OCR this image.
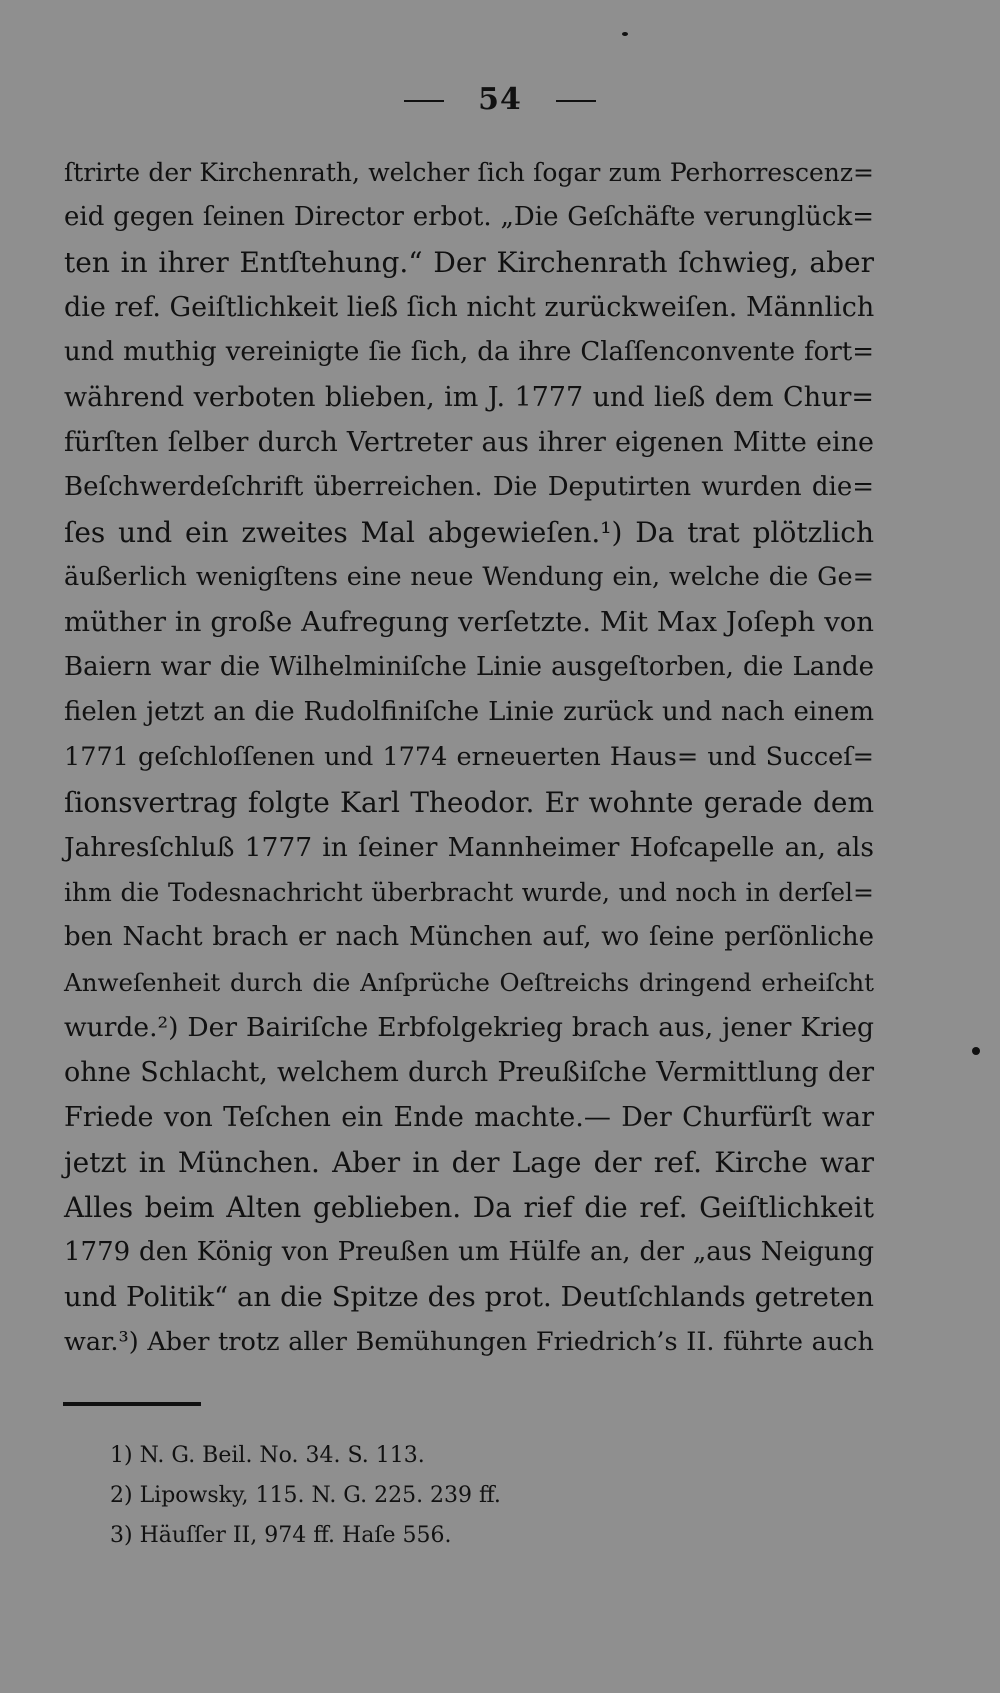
54
ſtrirte der Kirchenrath, welcher ſich ſogar zum Perhorrescenz=
eid gegen ſeinen Director erbot. „Die Geſchäfte verunglück=
ten in ihrer Entſtehung.“ Der Kirchenrath ſchwieg, aber
die ref. Geiſtlichkeit ließ ſich nicht zurückweiſen. Männlich
und muthig vereinigte ſie ſich, da ihre Claſſenconvente fort=
während verboten blieben, im J. 1777 und ließ dem Chur=
fürſten ſelber durch Vertreter aus ihrer eigenen Mitte eine
Beſchwerdeſchrift überreichen. Die Deputirten wurden die=
ſes und ein zweites Mal abgewieſen.¹) Da trat plötzlich
äußerlich wenigſtens eine neue Wendung ein, welche die Ge=
müther in große Aufregung verſetzte. Mit Max Joſeph von
Baiern war die Wilhelminiſche Linie ausgeſtorben, die Lande
fielen jetzt an die Rudolfiniſche Linie zurück und nach einem
1771 geſchloſſenen und 1774 erneuerten Haus= und Succeſ=
ſionsvertrag folgte Karl Theodor. Er wohnte gerade dem
Jahresſchluß 1777 in ſeiner Mannheimer Hofcapelle an, als
ihm die Todesnachricht überbracht wurde, und noch in derſel=
ben Nacht brach er nach München auf, wo ſeine perſönliche
Anweſenheit durch die Anſprüche Oeſtreichs dringend erheiſcht
wurde.²) Der Bairiſche Erbfolgekrieg brach aus, jener Krieg
ohne Schlacht, welchem durch Preußiſche Vermittlung der
Friede von Teſchen ein Ende machte.— Der Churfürſt war
jetzt in München. Aber in der Lage der ref. Kirche war
Alles beim Alten geblieben. Da rief die ref. Geiſtlichkeit
1779 den König von Preußen um Hülfe an, der „aus Neigung
und Politik“ an die Spitze des prot. Deutſchlands getreten
war.³) Aber trotz aller Bemühungen Friedrich’s II. führte auch
1) N. G. Beil. No. 34. S. 113.
2) Lipowsky, 115. N. G. 225. 239 ff.
3) Häuſſer II, 974 ff. Haſe 556.
